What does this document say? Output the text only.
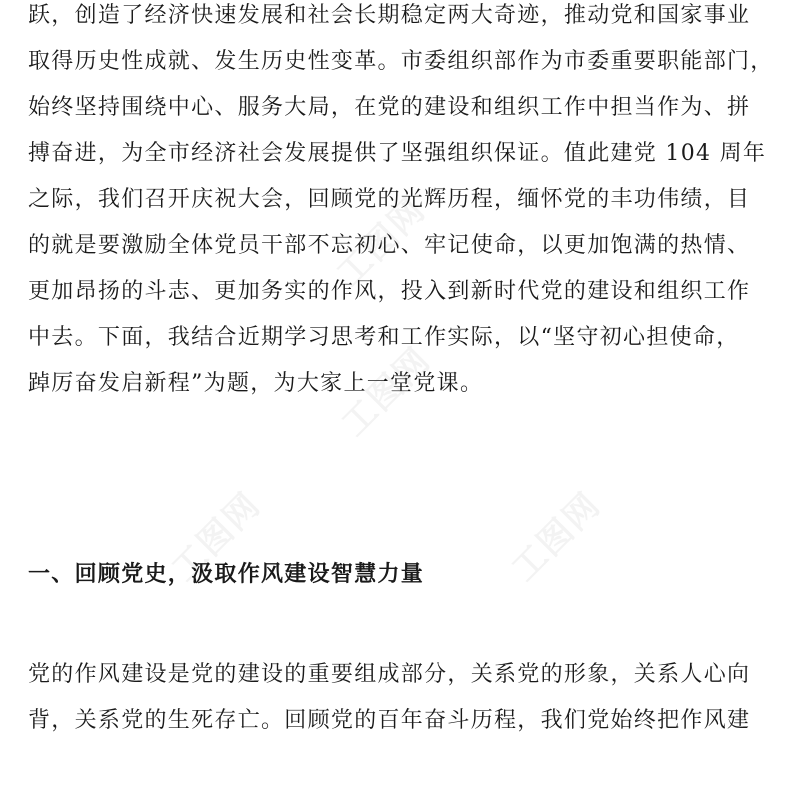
工图网
工图网
工图网	工图网
跃，创造了经济快速发展和社会长期稳定两大奇迹，推动党和国家事业
取得历史性成就、发生历史性变革。市委组织部作为市委重要职能部门，
始终坚持围绕中心、服务大局，在党的建设和组织工作中担当作为、拼
搏奋进，为全市经济社会发展提供了坚强组织保证。值此建党 104 周年
之际，我们召开庆祝大会，回顾党的光辉历程，缅怀党的丰功伟绩，目
的就是要激励全体党员干部不忘初心、牢记使命，以更加饱满的热情、
更加昂扬的斗志、更加务实的作风，投入到新时代党的建设和组织工作
中去。下面，我结合近期学习思考和工作实际，以“坚守初心担使命，
踔厉奋发启新程”为题，为大家上一堂党课。
一、回顾党史，汲取作风建设智慧力量
党的作风建设是党的建设的重要组成部分，关系党的形象，关系人心向
背，关系党的生死存亡。回顾党的百年奋斗历程，我们党始终把作风建
